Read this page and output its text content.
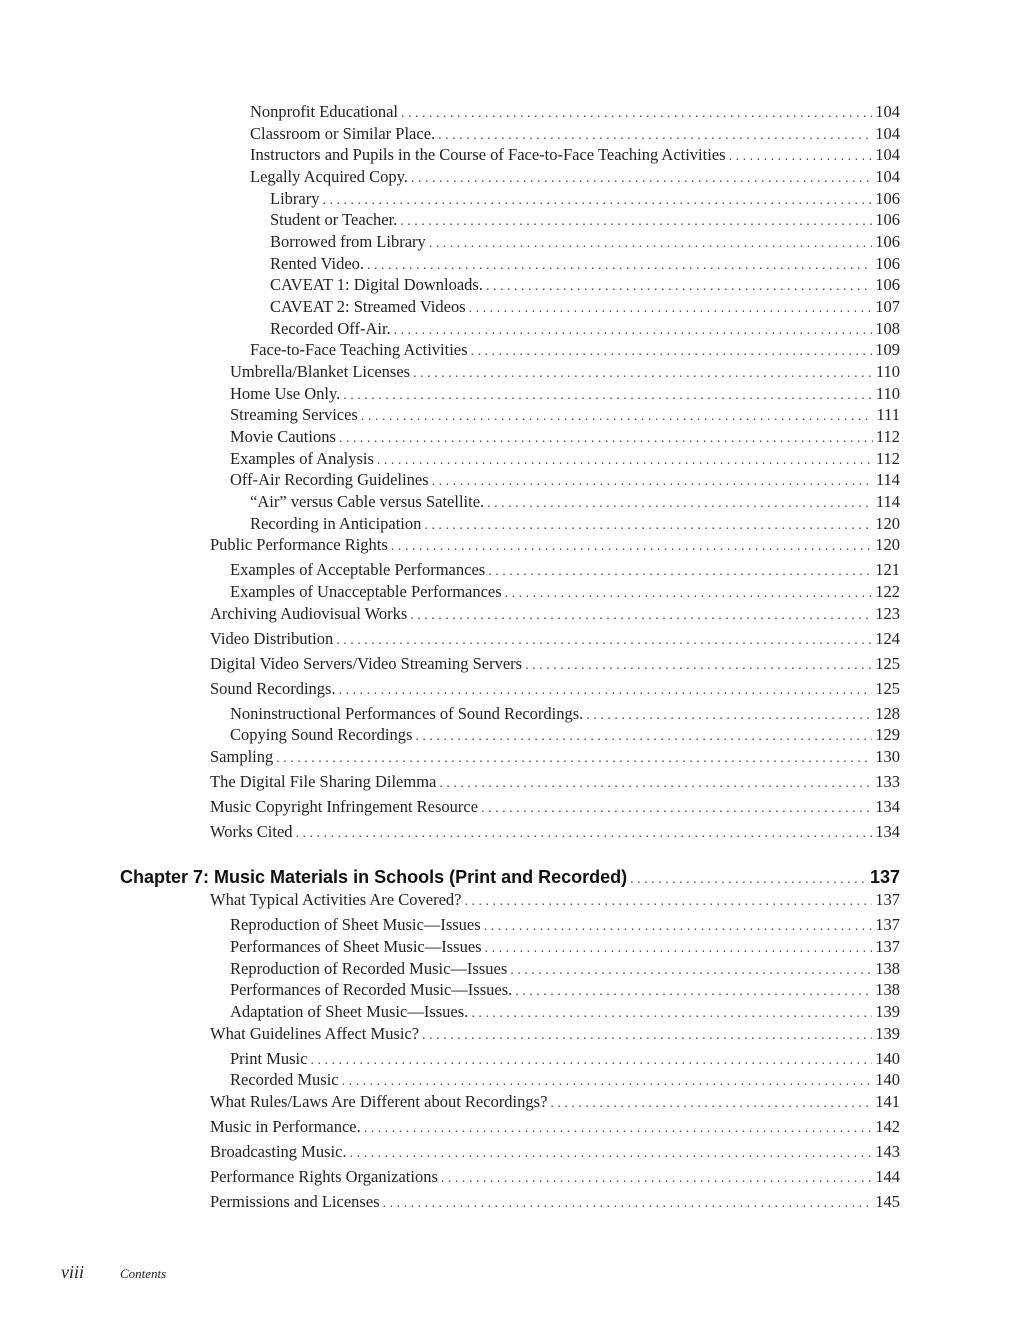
Nonprofit Educational . . .	104
Classroom or Similar Place. . . .	104
Instructors and Pupils in the Course of Face-to-Face Teaching Activities . . .	104
Legally Acquired Copy. . . .	104
Library . . .	106
Student or Teacher. . . .	106
Borrowed from Library . . .	106
Rented Video. . . .	106
CAVEAT 1: Digital Downloads. . . .	106
CAVEAT 2: Streamed Videos . . .	107
Recorded Off-Air. . . .	108
Face-to-Face Teaching Activities . . .	109
Umbrella/Blanket Licenses . . .	110
Home Use Only. . . .	110
Streaming Services . . .	111
Movie Cautions . . .	112
Examples of Analysis . . .	112
Off-Air Recording Guidelines . . .	114
“Air” versus Cable versus Satellite. . . .	114
Recording in Anticipation . . .	120
Public Performance Rights . . .	120
Examples of Acceptable Performances . . .	121
Examples of Unacceptable Performances . . .	122
Archiving Audiovisual Works . . .	123
Video Distribution . . .	124
Digital Video Servers/Video Streaming Servers . . .	125
Sound Recordings. . . .	125
Noninstructional Performances of Sound Recordings. . . .	128
Copying Sound Recordings . . .	129
Sampling . . .	130
The Digital File Sharing Dilemma . . .	133
Music Copyright Infringement Resource . . .	134
Works Cited . . .	134
Chapter 7: Music Materials in Schools (Print and Recorded) . . .	137
What Typical Activities Are Covered? . . .	137
Reproduction of Sheet Music—Issues . . .	137
Performances of Sheet Music—Issues . . .	137
Reproduction of Recorded Music—Issues . . .	138
Performances of Recorded Music—Issues. . . .	138
Adaptation of Sheet Music—Issues. . . .	139
What Guidelines Affect Music? . . .	139
Print Music . . .	140
Recorded Music . . .	140
What Rules/Laws Are Different about Recordings? . . .	141
Music in Performance. . . .	142
Broadcasting Music. . . .	143
Performance Rights Organizations . . .	144
Permissions and Licenses . . .	145
viii	Contents
